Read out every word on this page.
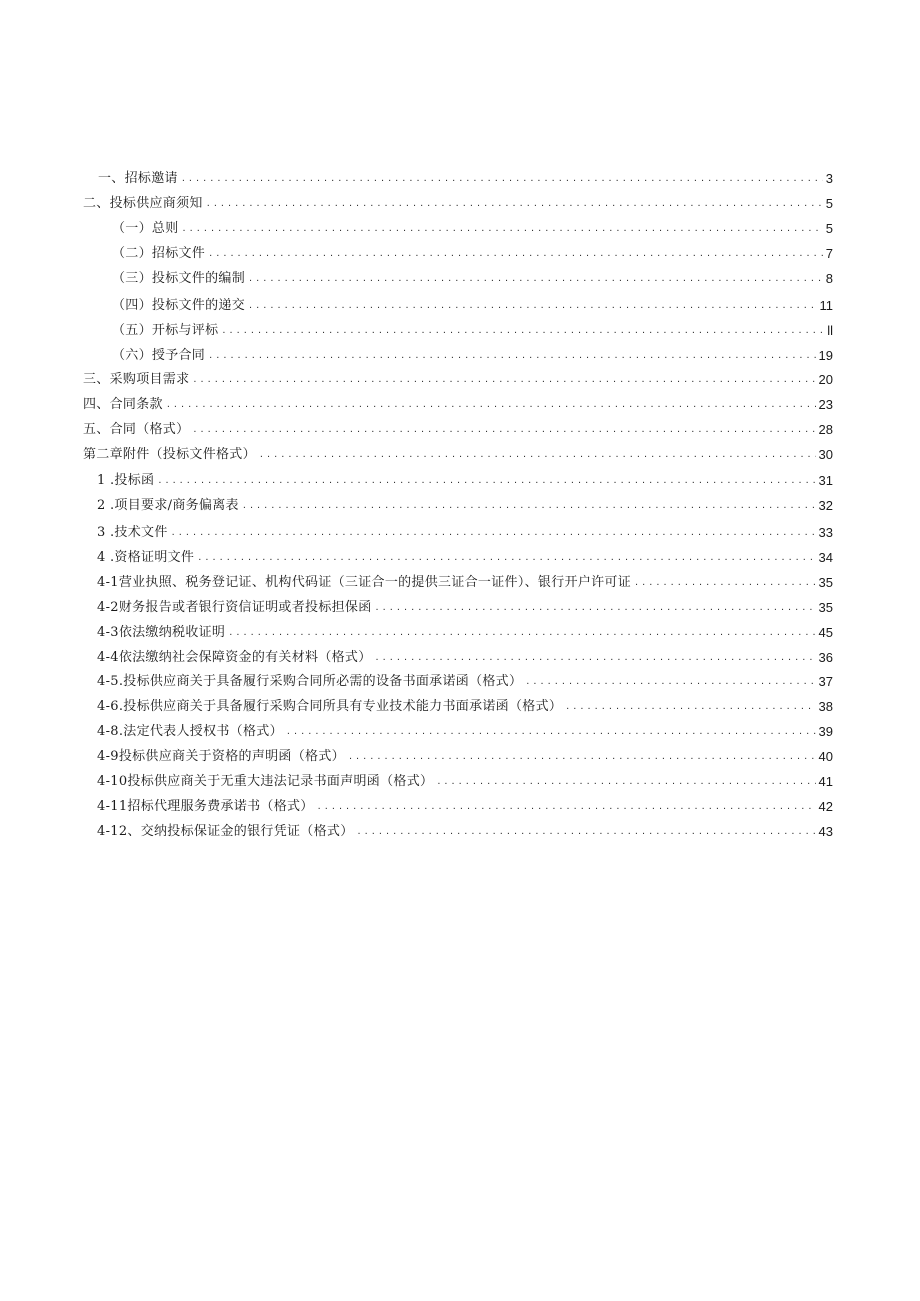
一、招标邀请 . . .	3
二、投标供应商须知 . . .	5
（一）总则 . . .	5
（二）招标文件 . . .	7
（三）投标文件的编制 . . .	8
（四）投标文件的递交 . . .	11
（五）开标与评标 . . .	ll
（六）授予合同 . . .	19
三、采购项目需求 . . .	20
四、合同条款 . . .	23
五、合同（格式） . . .	28
第二章附件（投标文件格式） . . .	30
1 .投标函 . . .	31
2 .项目要求/商务偏离表 . . .	32
3 .技术文件 . . .	33
4 .资格证明文件 . . .	34
4-1营业执照、税务登记证、机构代码证（三证合一的提供三证合一证件）、银行开户许可证 . . .	35
4-2财务报告或者银行资信证明或者投标担保函 . . .	35
4-3依法缴纳税收证明 . . .	45
4-4依法缴纳社会保障资金的有关材料（格式） . . .	36
4-5.投标供应商关于具备履行采购合同所必需的设备书面承诺函（格式） . . .	37
4-6.投标供应商关于具备履行采购合同所具有专业技术能力书面承诺函（格式） . . .	38
4-8.法定代表人授权书（格式） . . .	39
4-9投标供应商关于资格的声明函（格式） . . .	40
4-10投标供应商关于无重大违法记录书面声明函（格式） . . .	41
4-11招标代理服务费承诺书（格式） . . .	42
4-12、交纳投标保证金的银行凭证（格式） . . .	43
